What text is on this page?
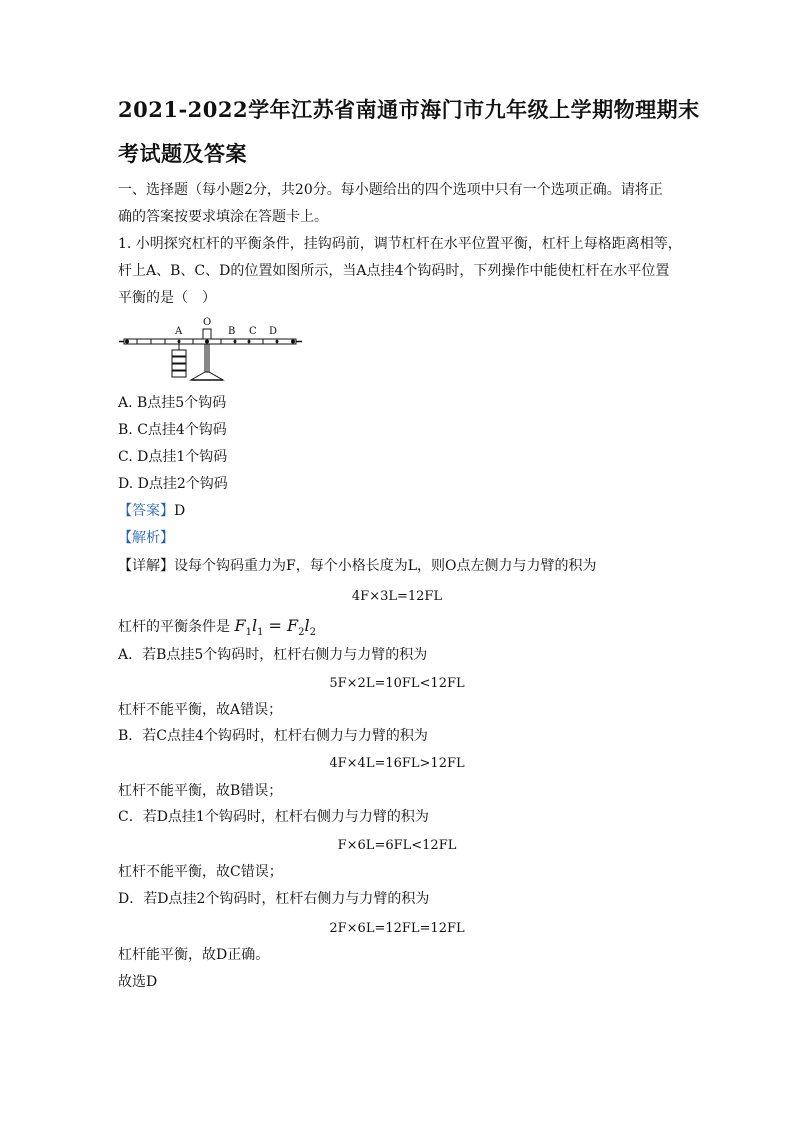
2021-2022学年江苏省南通市海门市九年级上学期物理期末
考试题及答案
一、选择题（每小题2分，共20分。每小题给出的四个选项中只有一个选项正确。请将正
确的答案按要求填涂在答题卡上。
1. 小明探究杠杆的平衡条件，挂钩码前，调节杠杆在水平位置平衡，杠杆上每格距离相等，
杆上A、B、C、D的位置如图所示，当A点挂4个钩码时，下列操作中能使杠杆在水平位置
平衡的是（　）
A
O
B C D
A. B点挂5个钩码
B. C点挂4个钩码
C. D点挂1个钩码
D. D点挂2个钩码
【答案】D
【解析】
【详解】设每个钩码重力为F，每个小格长度为L，则O点左侧力与力臂的积为
4F×3L=12FL
杠杆的平衡条件是 $F_1l_1 = F_2l_2$
A．若B点挂5个钩码时，杠杆右侧力与力臂的积为
5F×2L=10FL<12FL
杠杆不能平衡，故A错误；
B．若C点挂4个钩码时，杠杆右侧力与力臂的积为
4F×4L=16FL>12FL
杠杆不能平衡，故B错误；
C．若D点挂1个钩码时，杠杆右侧力与力臂的积为
F×6L=6FL<12FL
杠杆不能平衡，故C错误；
D．若D点挂2个钩码时，杠杆右侧力与力臂的积为
2F×6L=12FL=12FL
杠杆能平衡，故D正确。
故选D
